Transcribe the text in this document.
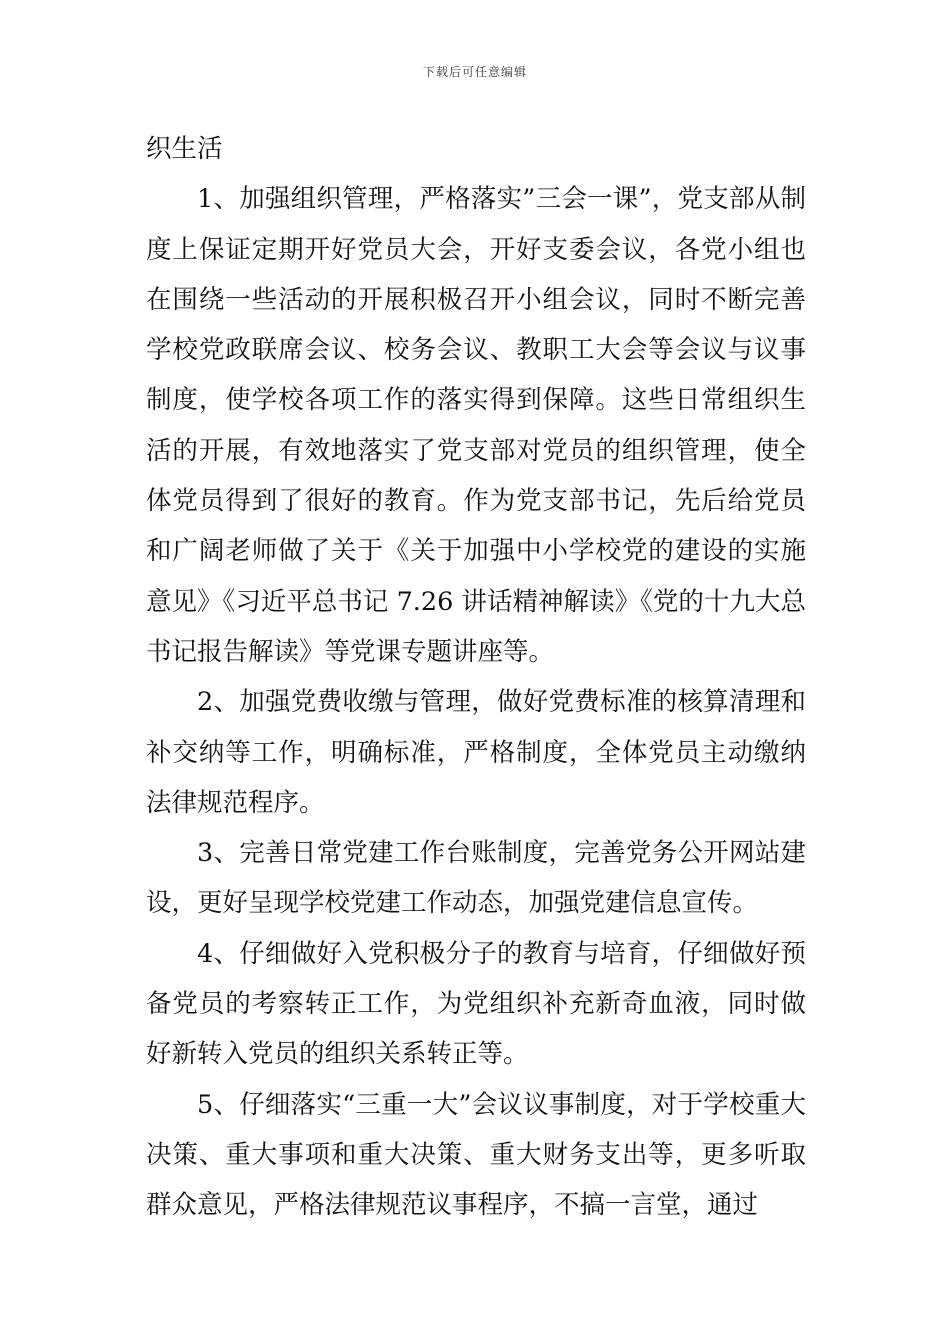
下载后可任意编辑

织生活

1、加强组织管理，严格落实”三会一课”，党支部从制度上保证定期开好党员大会，开好支委会议，各党小组也在围绕一些活动的开展积极召开小组会议，同时不断完善学校党政联席会议、校务会议、教职工大会等会议与议事制度，使学校各项工作的落实得到保障。这些日常组织生活的开展，有效地落实了党支部对党员的组织管理，使全体党员得到了很好的教育。作为党支部书记，先后给党员和广阔老师做了关于《关于加强中小学校党的建设的实施意见》《习近平总书记 7.26 讲话精神解读》《党的十九大总书记报告解读》等党课专题讲座等。

2、加强党费收缴与管理，做好党费标准的核算清理和补交纳等工作，明确标准，严格制度，全体党员主动缴纳法律规范程序。

3、完善日常党建工作台账制度，完善党务公开网站建设，更好呈现学校党建工作动态，加强党建信息宣传。

4、仔细做好入党积极分子的教育与培育，仔细做好预备党员的考察转正工作，为党组织补充新奇血液，同时做好新转入党员的组织关系转正等。

5、仔细落实“三重一大”会议议事制度，对于学校重大决策、重大事项和重大决策、重大财务支出等，更多听取群众意见，严格法律规范议事程序，不搞一言堂，通过
